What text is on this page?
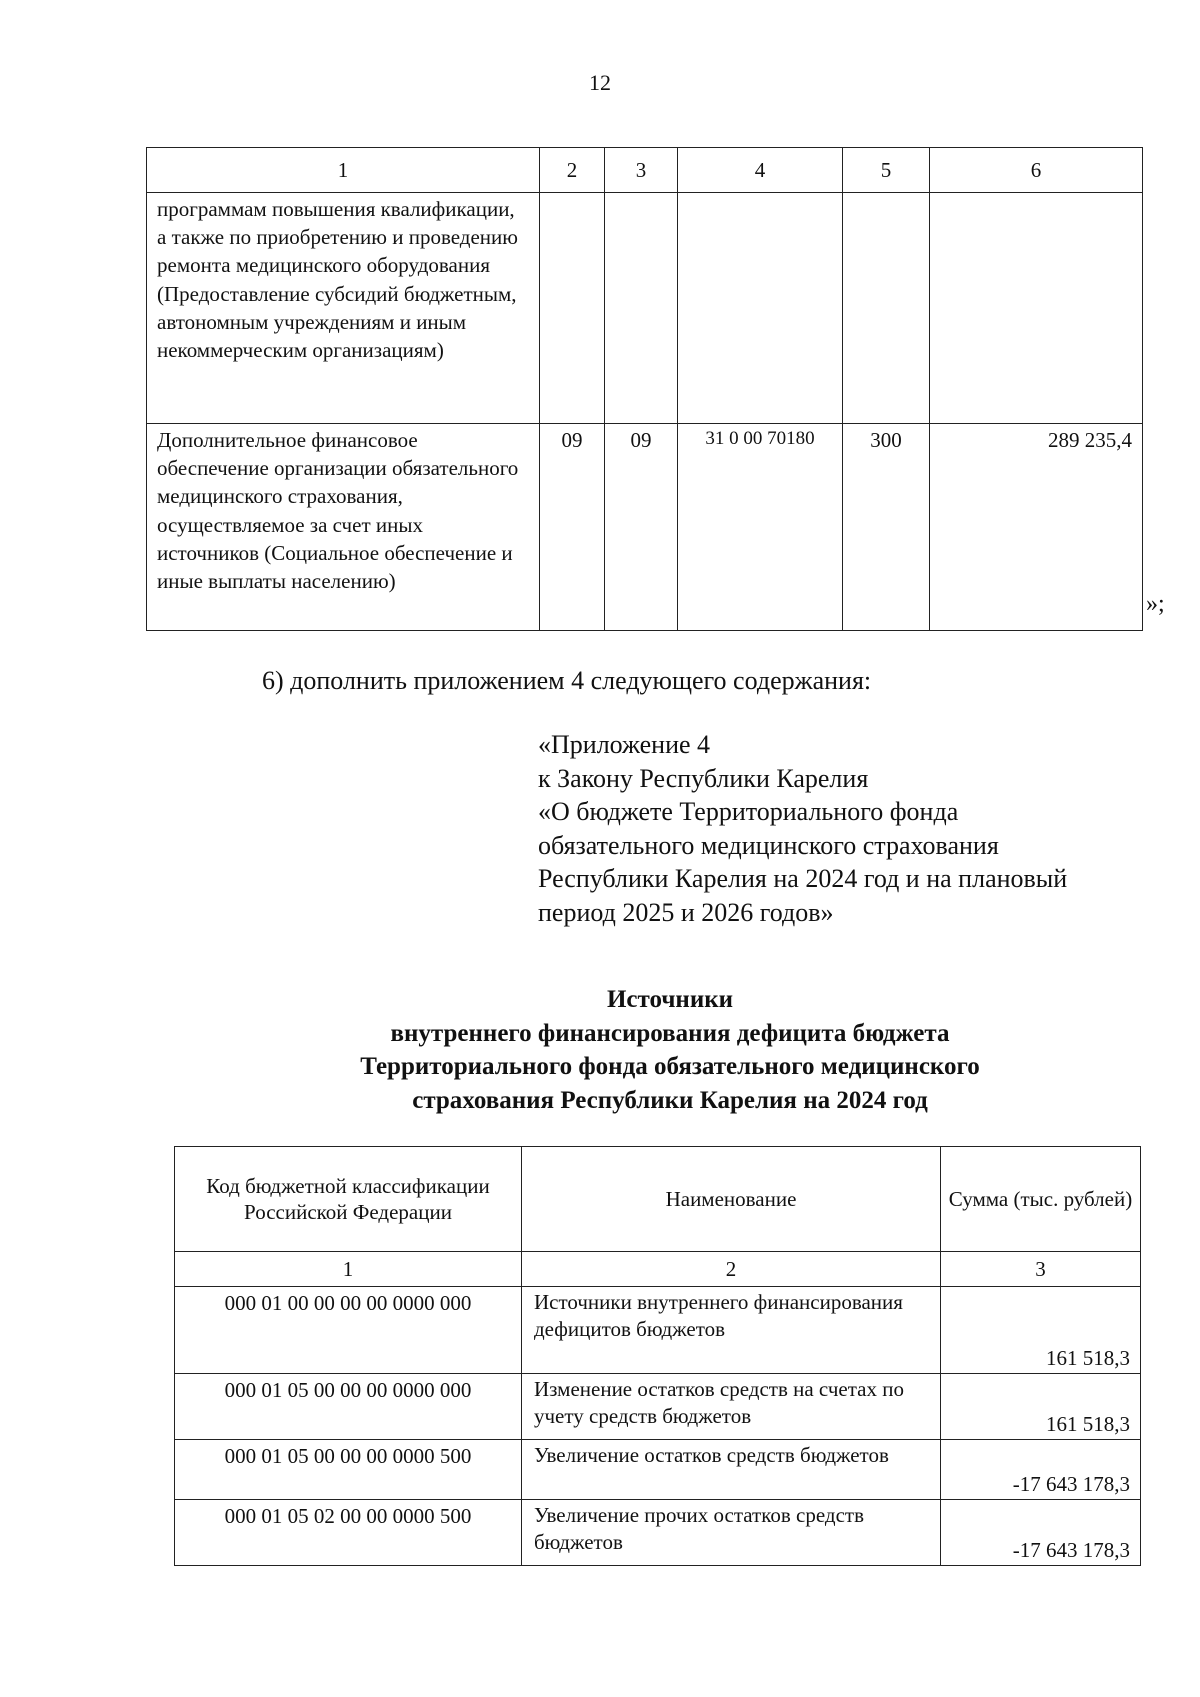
12
1	2	3	4	5	6
программам повышения квалификации, а также по приобретению и проведению ремонта медицинского оборудования (Предоставление субсидий бюджетным, автономным учреждениям и иным некоммерческим организациям)					
Дополнительное финансовое обеспечение организации обязательного медицинского страхования, осуществляемое за счет иных источников (Социальное обеспечение и иные выплаты населению)	09	09	31 0 00 70180	300	289 235,4
»;
6) дополнить приложением 4 следующего содержания:
«Приложение 4
к Закону Республики Карелия
«О бюджете Территориального фонда
обязательного медицинского страхования
Республики Карелия на 2024 год и на плановый
период 2025 и 2026 годов»
Источники
внутреннего финансирования дефицита бюджета
Территориального фонда обязательного медицинского
страхования Республики Карелия на 2024 год
Код бюджетной классификации Российской Федерации	Наименование	Сумма (тыс. рублей)
1	2	3
000 01 00 00 00 00 0000 000	Источники внутреннего финансирования дефицитов бюджетов	161 518,3
000 01 05 00 00 00 0000 000	Изменение остатков средств на счетах по учету средств бюджетов	161 518,3
000 01 05 00 00 00 0000 500	Увеличение остатков средств бюджетов	-17 643 178,3
000 01 05 02 00 00 0000 500	Увеличение прочих остатков средств бюджетов	-17 643 178,3
